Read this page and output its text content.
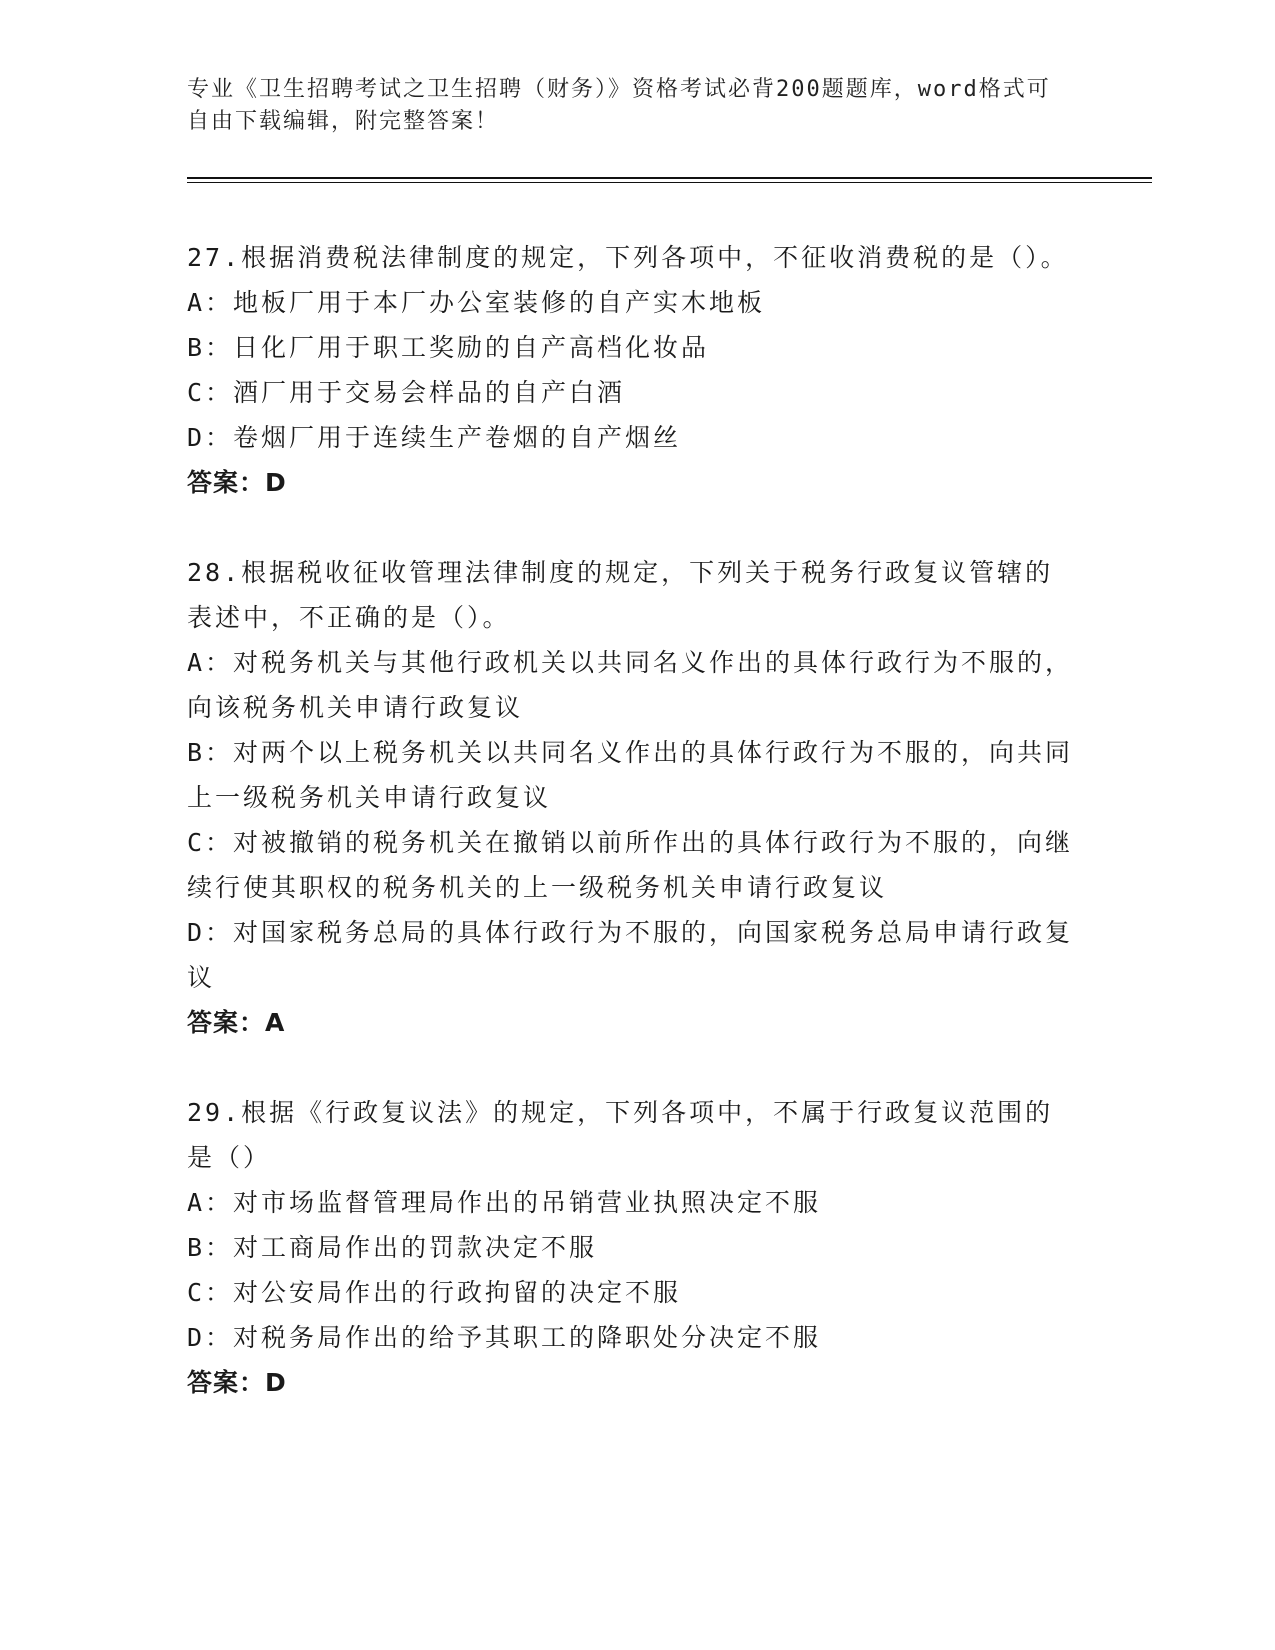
专业《卫生招聘考试之卫生招聘（财务）》资格考试必背200题题库，word格式可自由下载编辑，附完整答案！
27.根据消费税法律制度的规定，下列各项中，不征收消费税的是（）。
A：地板厂用于本厂办公室装修的自产实木地板
B：日化厂用于职工奖励的自产高档化妆品
C：酒厂用于交易会样品的自产白酒
D：卷烟厂用于连续生产卷烟的自产烟丝
答案：D
28.根据税收征收管理法律制度的规定，下列关于税务行政复议管辖的表述中，不正确的是（）。
A：对税务机关与其他行政机关以共同名义作出的具体行政行为不服的，向该税务机关申请行政复议
B：对两个以上税务机关以共同名义作出的具体行政行为不服的，向共同上一级税务机关申请行政复议
C：对被撤销的税务机关在撤销以前所作出的具体行政行为不服的，向继续行使其职权的税务机关的上一级税务机关申请行政复议
D：对国家税务总局的具体行政行为不服的，向国家税务总局申请行政复议
答案：A
29.根据《行政复议法》的规定，下列各项中，不属于行政复议范围的是（）
A：对市场监督管理局作出的吊销营业执照决定不服
B：对工商局作出的罚款决定不服
C：对公安局作出的行政拘留的决定不服
D：对税务局作出的给予其职工的降职处分决定不服
答案：D
